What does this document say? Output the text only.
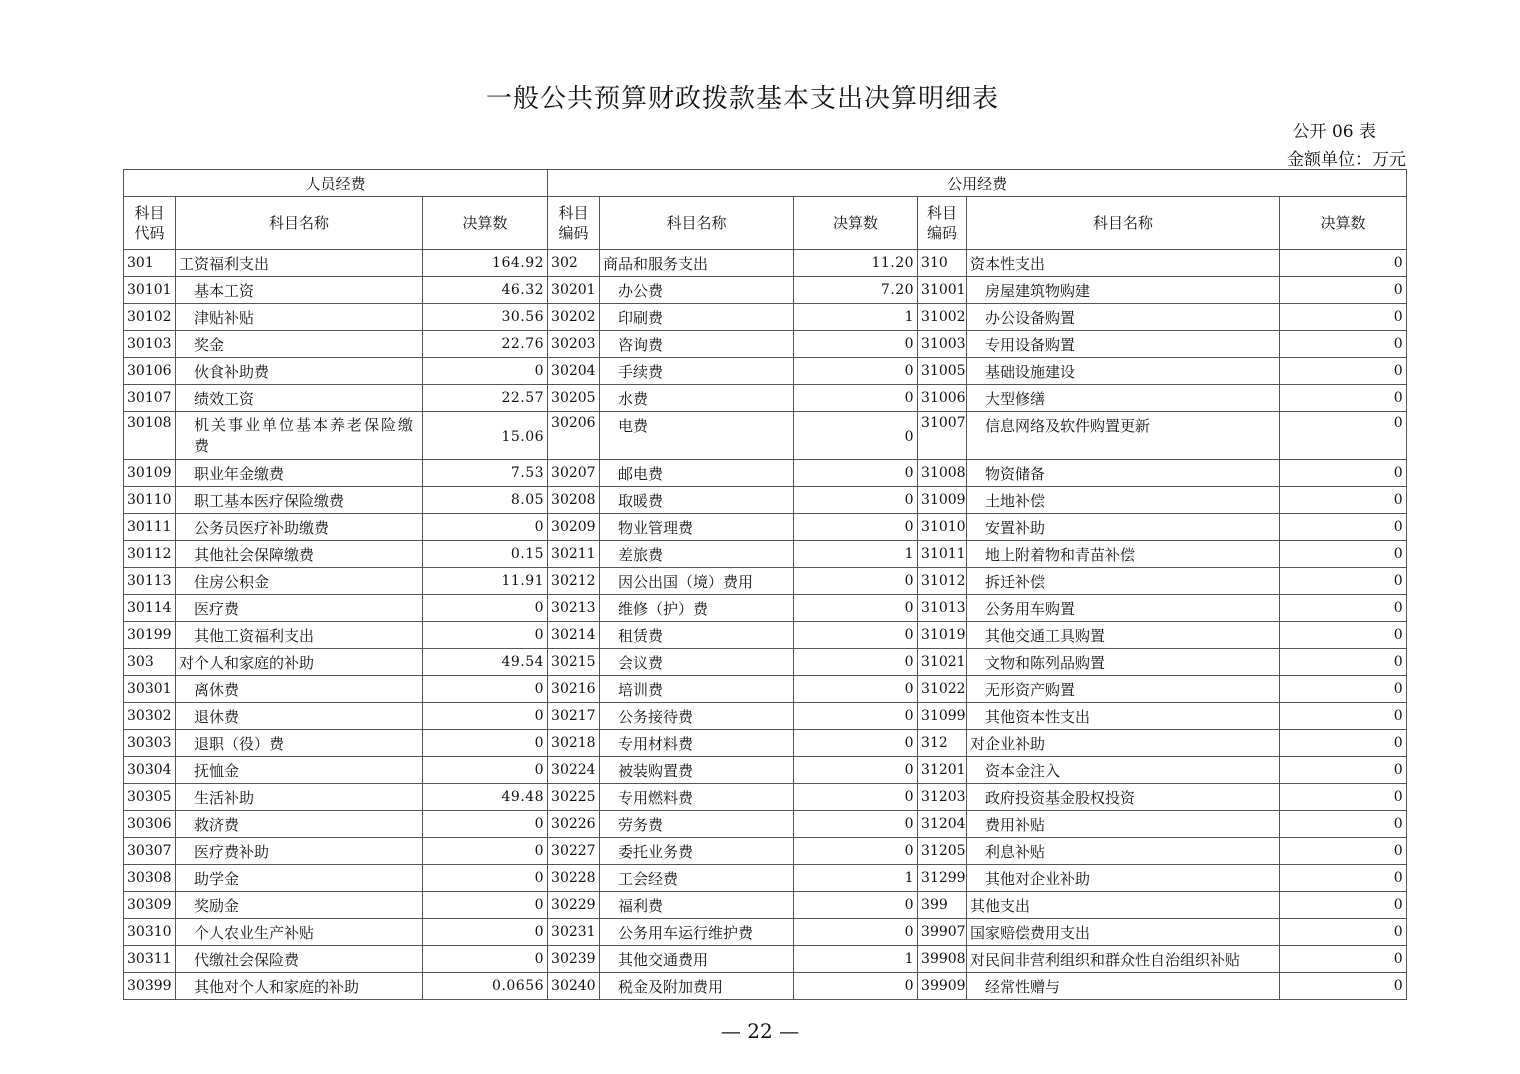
一般公共预算财政拨款基本支出决算明细表
公开 06 表
金额单位：万元
人员经费			公用经费					
科目
代码	科目名称	决算数	科目
编码	科目名称	决算数	科目
编码	科目名称	决算数
301	工资福利支出	164.92	302	商品和服务支出	11.20	310	资本性支出	0
30101	基本工资	46.32	30201	办公费	7.20	31001	房屋建筑物购建	0
30102	津贴补贴	30.56	30202	印刷费	1	31002	办公设备购置	0
30103	奖金	22.76	30203	咨询费	0	31003	专用设备购置	0
30106	伙食补助费	0	30204	手续费	0	31005	基础设施建设	0
30107	绩效工资	22.57	30205	水费	0	31006	大型修缮	0
30108	机关事业单位基本养老保险缴费	15.06	30206	电费	0	31007	信息网络及软件购置更新	0
30109	职业年金缴费	7.53	30207	邮电费	0	31008	物资储备	0
30110	职工基本医疗保险缴费	8.05	30208	取暖费	0	31009	土地补偿	0
30111	公务员医疗补助缴费	0	30209	物业管理费	0	31010	安置补助	0
30112	其他社会保障缴费	0.15	30211	差旅费	1	31011	地上附着物和青苗补偿	0
30113	住房公积金	11.91	30212	因公出国（境）费用	0	31012	拆迁补偿	0
30114	医疗费	0	30213	维修（护）费	0	31013	公务用车购置	0
30199	其他工资福利支出	0	30214	租赁费	0	31019	其他交通工具购置	0
303	对个人和家庭的补助	49.54	30215	会议费	0	31021	文物和陈列品购置	0
30301	离休费	0	30216	培训费	0	31022	无形资产购置	0
30302	退休费	0	30217	公务接待费	0	31099	其他资本性支出	0
30303	退职（役）费	0	30218	专用材料费	0	312	对企业补助	0
30304	抚恤金	0	30224	被装购置费	0	31201	资本金注入	0
30305	生活补助	49.48	30225	专用燃料费	0	31203	政府投资基金股权投资	0
30306	救济费	0	30226	劳务费	0	31204	费用补贴	0
30307	医疗费补助	0	30227	委托业务费	0	31205	利息补贴	0
30308	助学金	0	30228	工会经费	1	31299	其他对企业补助	0
30309	奖励金	0	30229	福利费	0	399	其他支出	0
30310	个人农业生产补贴	0	30231	公务用车运行维护费	0	39907	国家赔偿费用支出	0
30311	代缴社会保险费	0	30239	其他交通费用	1	39908	对民间非营利组织和群众性自治组织补贴	0
30399	其他对个人和家庭的补助	0.0656	30240	税金及附加费用	0	39909	经常性赠与	0
— 22 —
